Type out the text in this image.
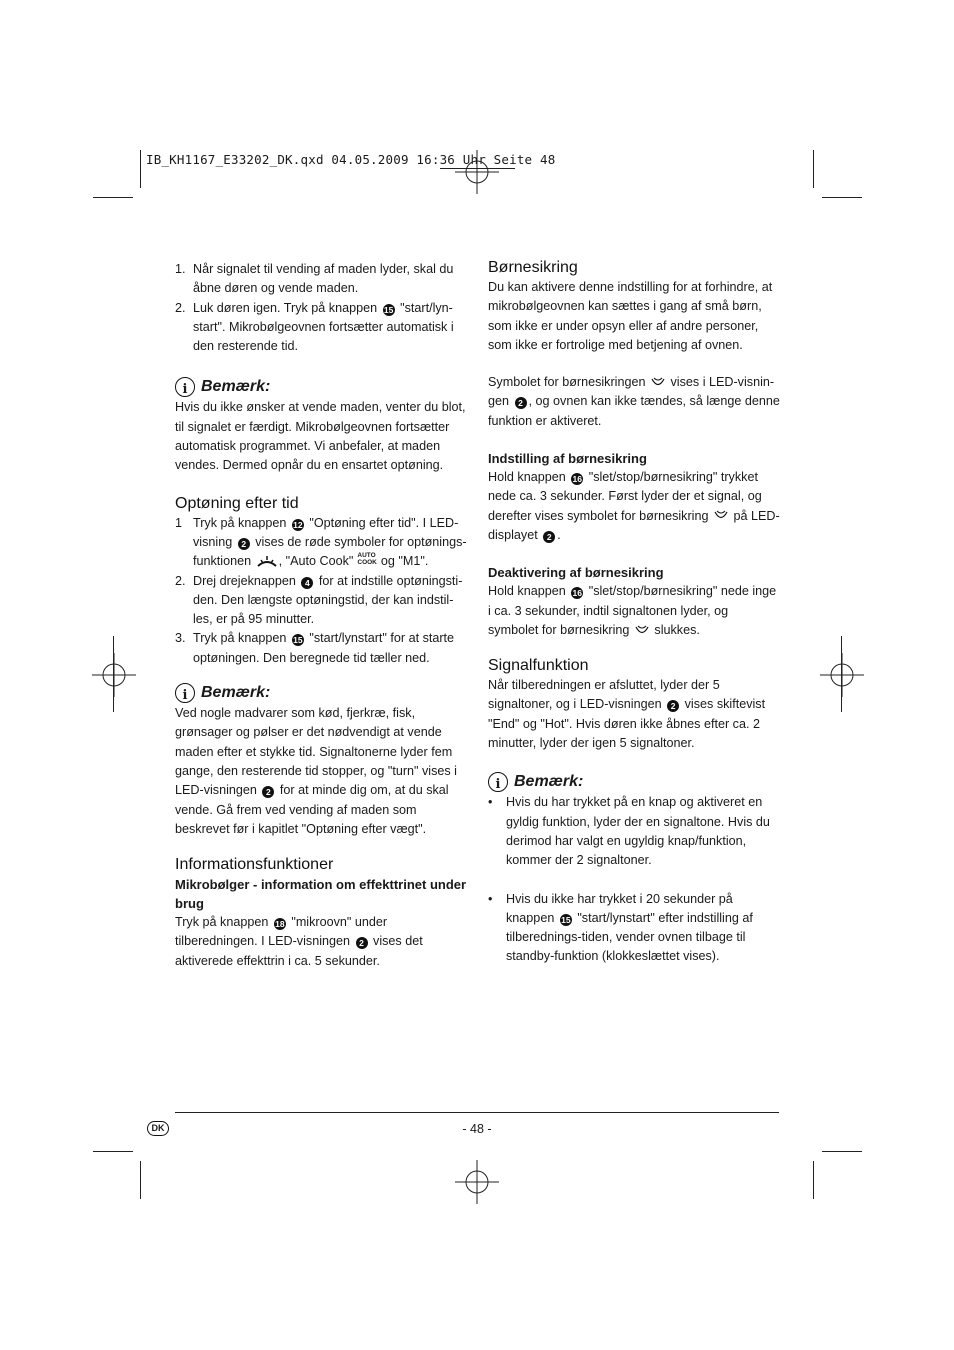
IB_KH1167_E33202_DK.qxd 04.05.2009 16:36 Uhr Seite 48
1. Når signalet til vending af maden lyder, skal du åbne døren og vende maden.
2. Luk døren igen. Tryk på knappen 15 "start/lyn-start". Mikrobølgeovnen fortsætter automatisk i den resterende tid.
i
Bemærk:

Hvis du ikke ønsker at vende maden, venter du blot, til signalet er færdigt. Mikrobølgeovnen fortsætter automatisk programmet. Vi anbefaler, at maden vendes. Dermed opnår du en ensartet optøning.

Optøning efter tid
1 Tryk på knappen 12 "Optøning efter tid". I LED-visning 2 vises de røde symboler for optønings-funktionen , "Auto Cook" AUTO
COOK og "M1".
2. Drej drejeknappen 4 for at indstille optøningsti-den. Den længste optøningstid, der kan indstil-les, er på 95 minutter.
3. Tryk på knappen 15 "start/lynstart" for at starte optøningen. Den beregnede tid tæller ned.
i
Bemærk:

Ved nogle madvarer som kød, fjerkræ, fisk, grønsager og pølser er det nødvendigt at vende maden efter et stykke tid. Signaltonerne lyder fem gange, den resterende tid stopper, og "turn" vises i LED-visningen 2 for at minde dig om, at du skal vende. Gå frem ved vending af maden som beskrevet før i kapitlet "Optøning efter vægt".

Informationsfunktioner
Mikrobølger - information om effekttrinet under brug

Tryk på knappen 18 "mikroovn" under tilberedningen. I LED-visningen 2 vises det aktiverede effekttrin i ca. 5 sekunder.

Børnesikring

Du kan aktivere denne indstilling for at forhindre, at mikrobølgeovnen kan sættes i gang af små børn, som ikke er under opsyn eller af andre personer, som ikke er fortrolige med betjening af ovnen.

Symbolet for børnesikringen vises i LED-visnin-gen 2 , og ovnen kan ikke tændes, så længe denne funktion er aktiveret.

Indstilling af børnesikring

Hold knappen 16 "slet/stop/børnesikring" trykket nede ca. 3 sekunder. Først lyder der et signal, og derefter vises symbolet for børnesikring på LED-displayet 2 .

Deaktivering af børnesikring

Hold knappen 16 "slet/stop/børnesikring" nede inge i ca. 3 sekunder, indtil signaltonen lyder, og symbolet for børnesikring slukkes.

Signalfunktion

Når tilberedningen er afsluttet, lyder der 5 signaltoner, og i LED-visningen 2 vises skiftevist "End" og "Hot". Hvis døren ikke åbnes efter ca. 2 minutter, lyder der igen 5 signaltoner.

i
Bemærk:
•	Hvis du har trykket på en knap og aktiveret en gyldig funktion, lyder der en signaltone. Hvis du derimod har valgt en ugyldig knap/funktion, kommer der 2 signaltoner.
•	Hvis du ikke har trykket i 20 sekunder på knappen 15 "start/lynstart" efter indstilling af tilberednings-tiden, vender ovnen tilbage til standby-funktion (klokkeslættet vises).
DK	- 48 -
